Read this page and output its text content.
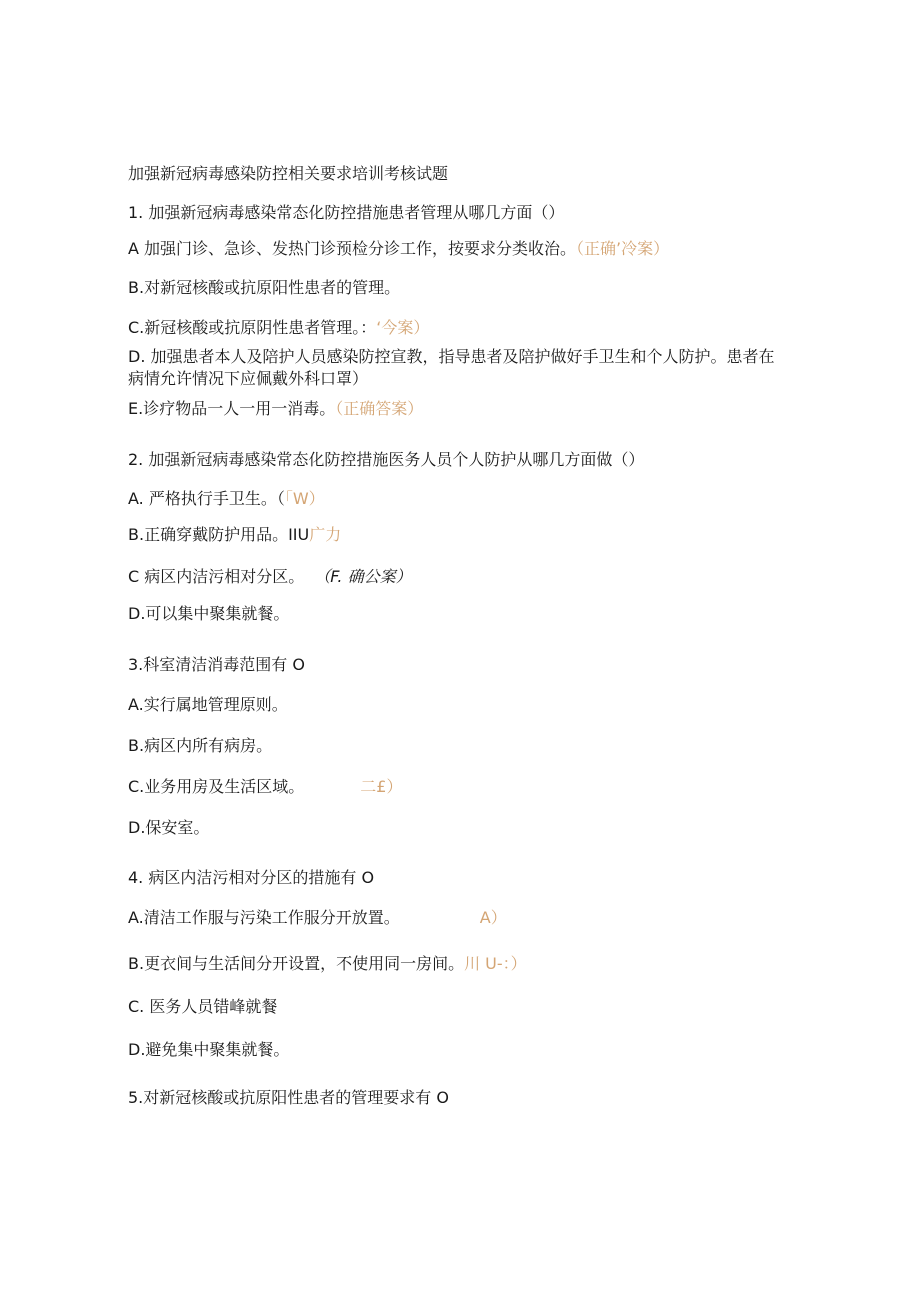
加强新冠病毒感染防控相关要求培训考核试题
1. 加强新冠病毒感染常态化防控措施患者管理从哪几方面（）
A 加强门诊、急诊、发热门诊预检分诊工作，按要求分类收治。（正确’冷案）
B.对新冠核酸或抗原阳性患者的管理。
C.新冠核酸或抗原阴性患者管理。：‘今案）
D. 加强患者本人及陪护人员感染防控宣教，指导患者及陪护做好手卫生和个人防护。患者在病情允许情况下应佩戴外科口罩）
E.诊疗物品一人一用一消毒。（正确答案）
2. 加强新冠病毒感染常态化防控措施医务人员个人防护从哪几方面做（）
A. 严格执行手卫生。（「W）
B.正确穿戴防护用品。IIU广力
C 病区内洁污相对分区。 （F. 确公案）
D.可以集中聚集就餐。
3.科室清洁消毒范围有 O
A.实行属地管理原则。
B.病区内所有病房。
C.业务用房及生活区域。	二£）
D.保安室。
4. 病区内洁污相对分区的措施有 O
A.清洁工作服与污染工作服分开放置。	A）
B.更衣间与生活间分开设置，不使用同一房间。川 U-：）
C. 医务人员错峰就餐
D.避免集中聚集就餐。
5.对新冠核酸或抗原阳性患者的管理要求有 O
